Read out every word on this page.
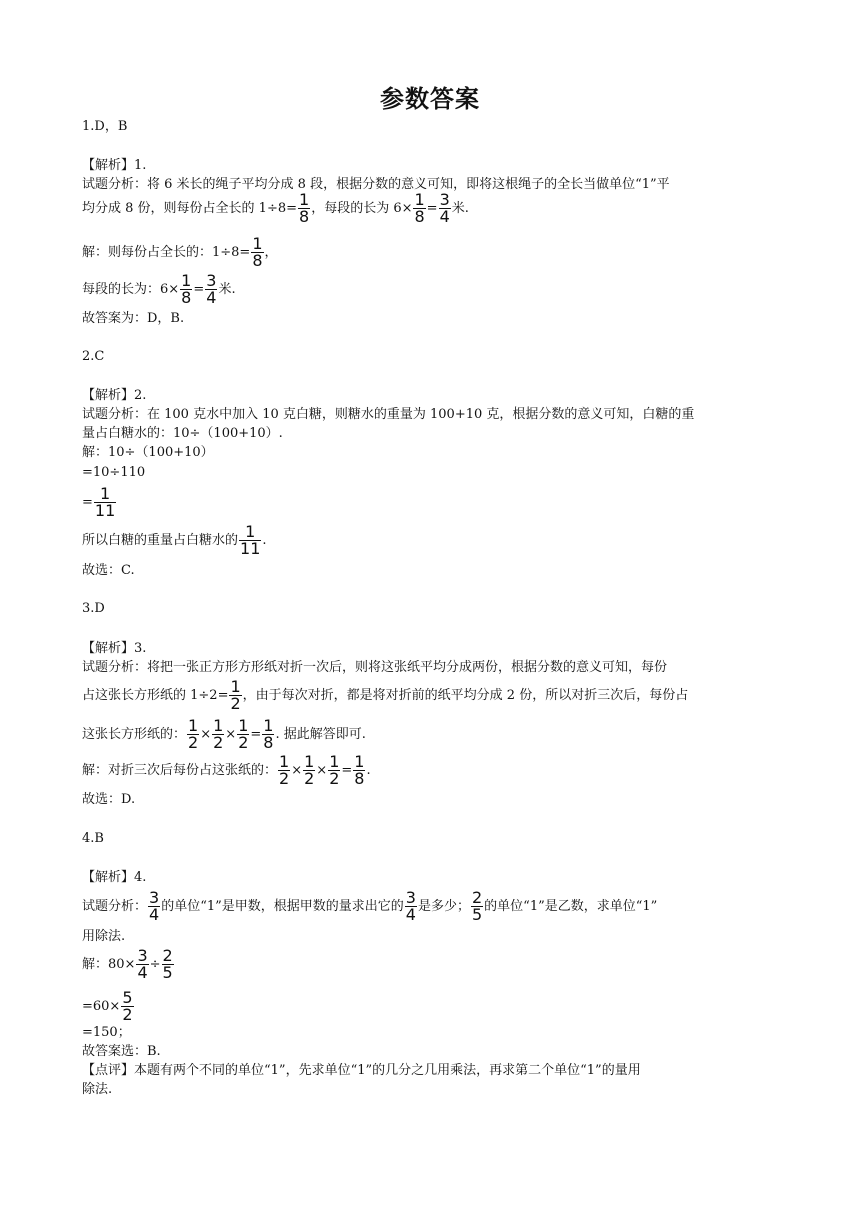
参数答案
1.D，B
【解析】1.
试题分析：将 6 米长的绳子平均分成 8 段，根据分数的意义可知，即将这根绳子的全长当做单位“1”平
均分成 8 份，则每份占全长的 $1\div 8= \frac{1}{8}$ ，每段的长为 $6\times \frac{1}{8} = \frac{3}{4}$ 米.
解：则每份占全长的：$1\div 8= \frac{1}{8}$ ，
每段的长为：$6\times \frac{1}{8} = \frac{3}{4}$ 米.
故答案为：D，B.
2.C
【解析】2.
试题分析：在 100 克水中加入 10 克白糖，则糖水的重量为 100+10 克，根据分数的意义可知，白糖的重
量占白糖水的：10÷（100+10）.
解：10÷（100+10）
=10÷110
= $\frac{1}{11}$
所以白糖的重量占白糖水的 $\frac{1}{11}$ .
故选：C.
3.D
【解析】3.
试题分析：将把一张正方形方形纸对折一次后，则将这张纸平均分成两份，根据分数的意义可知，每份
占这张长方形纸的 $1\div 2= \frac{1}{2}$ ，由于每次对折，都是将对折前的纸平均分成 2 份，所以对折三次后，每份占
这张长方形纸的： $\frac{1}{2} \times \frac{1}{2} \times \frac{1}{2} = \frac{1}{8}$ . 据此解答即可.
解：对折三次后每份占这张纸的： $\frac{1}{2} \times \frac{1}{2} \times \frac{1}{2} = \frac{1}{8}$ .
故选：D.
4.B
【解析】4.
试题分析： $\frac{3}{4}$ 的单位“1”是甲数，根据甲数的量求出它的 $\frac{3}{4}$ 是多少； $\frac{2}{5}$ 的单位“1”是乙数，求单位“1”
用除法.
解：$80\times \frac{3}{4} \div \frac{2}{5}$
$=60\times \frac{5}{2}$
=150；
故答案选：B.
【点评】本题有两个不同的单位“1”，先求单位“1”的几分之几用乘法，再求第二个单位“1”的量用
除法.
